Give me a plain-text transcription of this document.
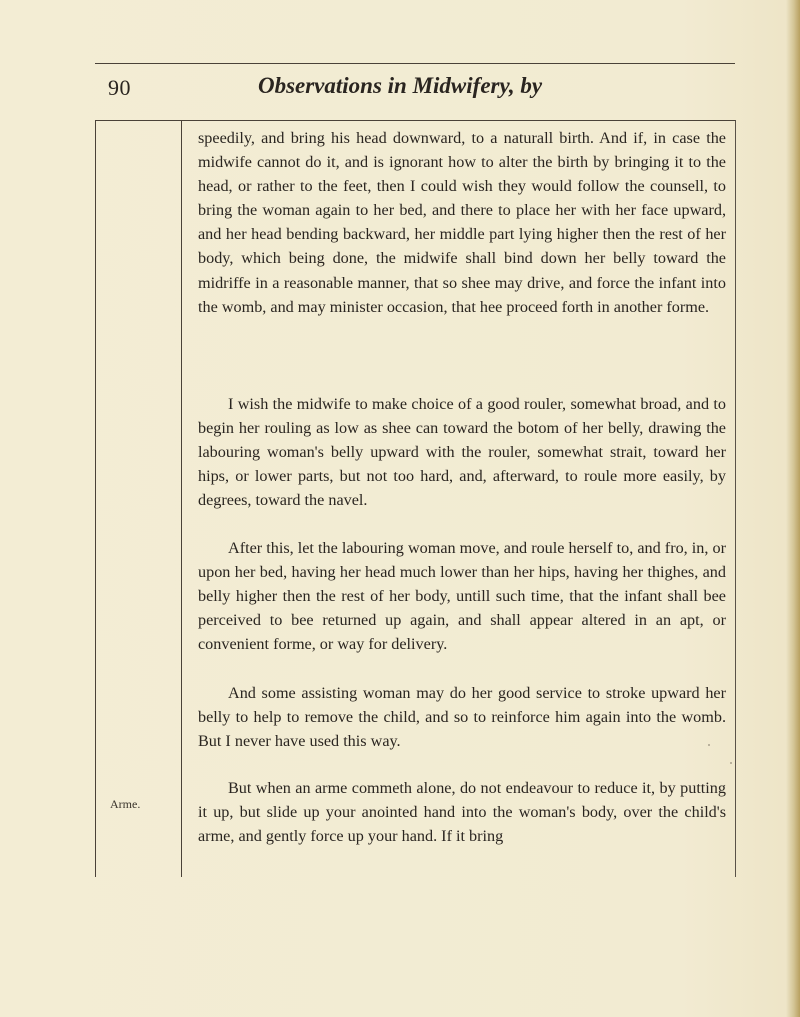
90	Observations in Midwifery, by
Arme.

speedily, and bring his head downward, to a naturall birth. And if, in case the midwife cannot do it, and is ignorant how to alter the birth by bringing it to the head, or rather to the feet, then I could wish they would follow the counsell, to bring the woman again to her bed, and there to place her with her face upward, and her head bending backward, her middle part lying higher then the rest of her body, which being done, the midwife shall bind down her belly toward the midriffe in a reasonable manner, that so shee may drive, and force the infant into the womb, and may minister occasion, that hee proceed forth in another forme.

I wish the midwife to make choice of a good rouler, somewhat broad, and to begin her rouling as low as shee can toward the botom of her belly, drawing the labouring woman's belly upward with the rouler, somewhat strait, toward her hips, or lower parts, but not too hard, and, afterward, to roule more easily, by degrees, toward the navel.

After this, let the labouring woman move, and roule herself to, and fro, in, or upon her bed, having her head much lower than her hips, having her thighes, and belly higher then the rest of her body, untill such time, that the infant shall bee perceived to bee returned up again, and shall appear altered in an apt, or convenient forme, or way for delivery.

And some assisting woman may do her good service to stroke upward her belly to help to remove the child, and so to reinforce him again into the womb. But I never have used this way.

But when an arme commeth alone, do not endeavour to reduce it, by putting it up, but slide up your anointed hand into the woman's body, over the child's arme, and gently force up your hand. If it bring
